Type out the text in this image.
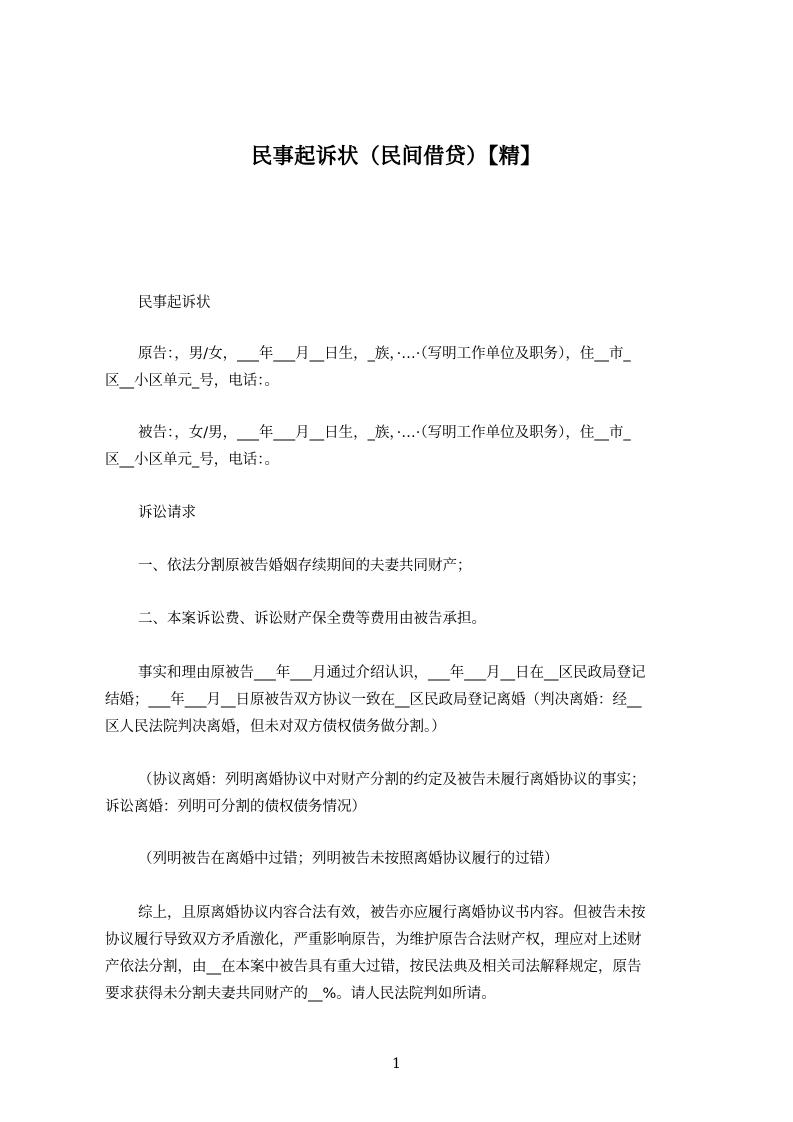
民事起诉状（民间借贷）【精】
民事起诉状
原告：，男/女，___年___月__日生，_族，·…·（写明工作单位及职务），住__市_
区__小区单元_号，电话：。
被告：，女/男，___年___月__日生，_族，·…·（写明工作单位及职务），住__市_
区__小区单元_号，电话：。
诉讼请求
一、依法分割原被告婚姻存续期间的夫妻共同财产；
二、本案诉讼费、诉讼财产保全费等费用由被告承担。
事实和理由原被告___年___月通过介绍认识，___年___月__日在__区民政局登记
结婚；___年___月__日原被告双方协议一致在__区民政局登记离婚（判决离婚：经__
区人民法院判决离婚，但未对双方债权债务做分割。）
（协议离婚：列明离婚协议中对财产分割的约定及被告未履行离婚协议的事实；
诉讼离婚：列明可分割的债权债务情况）
（列明被告在离婚中过错；列明被告未按照离婚协议履行的过错）
综上，且原离婚协议内容合法有效，被告亦应履行离婚协议书内容。但被告未按
协议履行导致双方矛盾激化，严重影响原告，为维护原告合法财产权，理应对上述财
产依法分割，由__在本案中被告具有重大过错，按民法典及相关司法解释规定，原告
要求获得未分割夫妻共同财产的__%。请人民法院判如所请。
1
